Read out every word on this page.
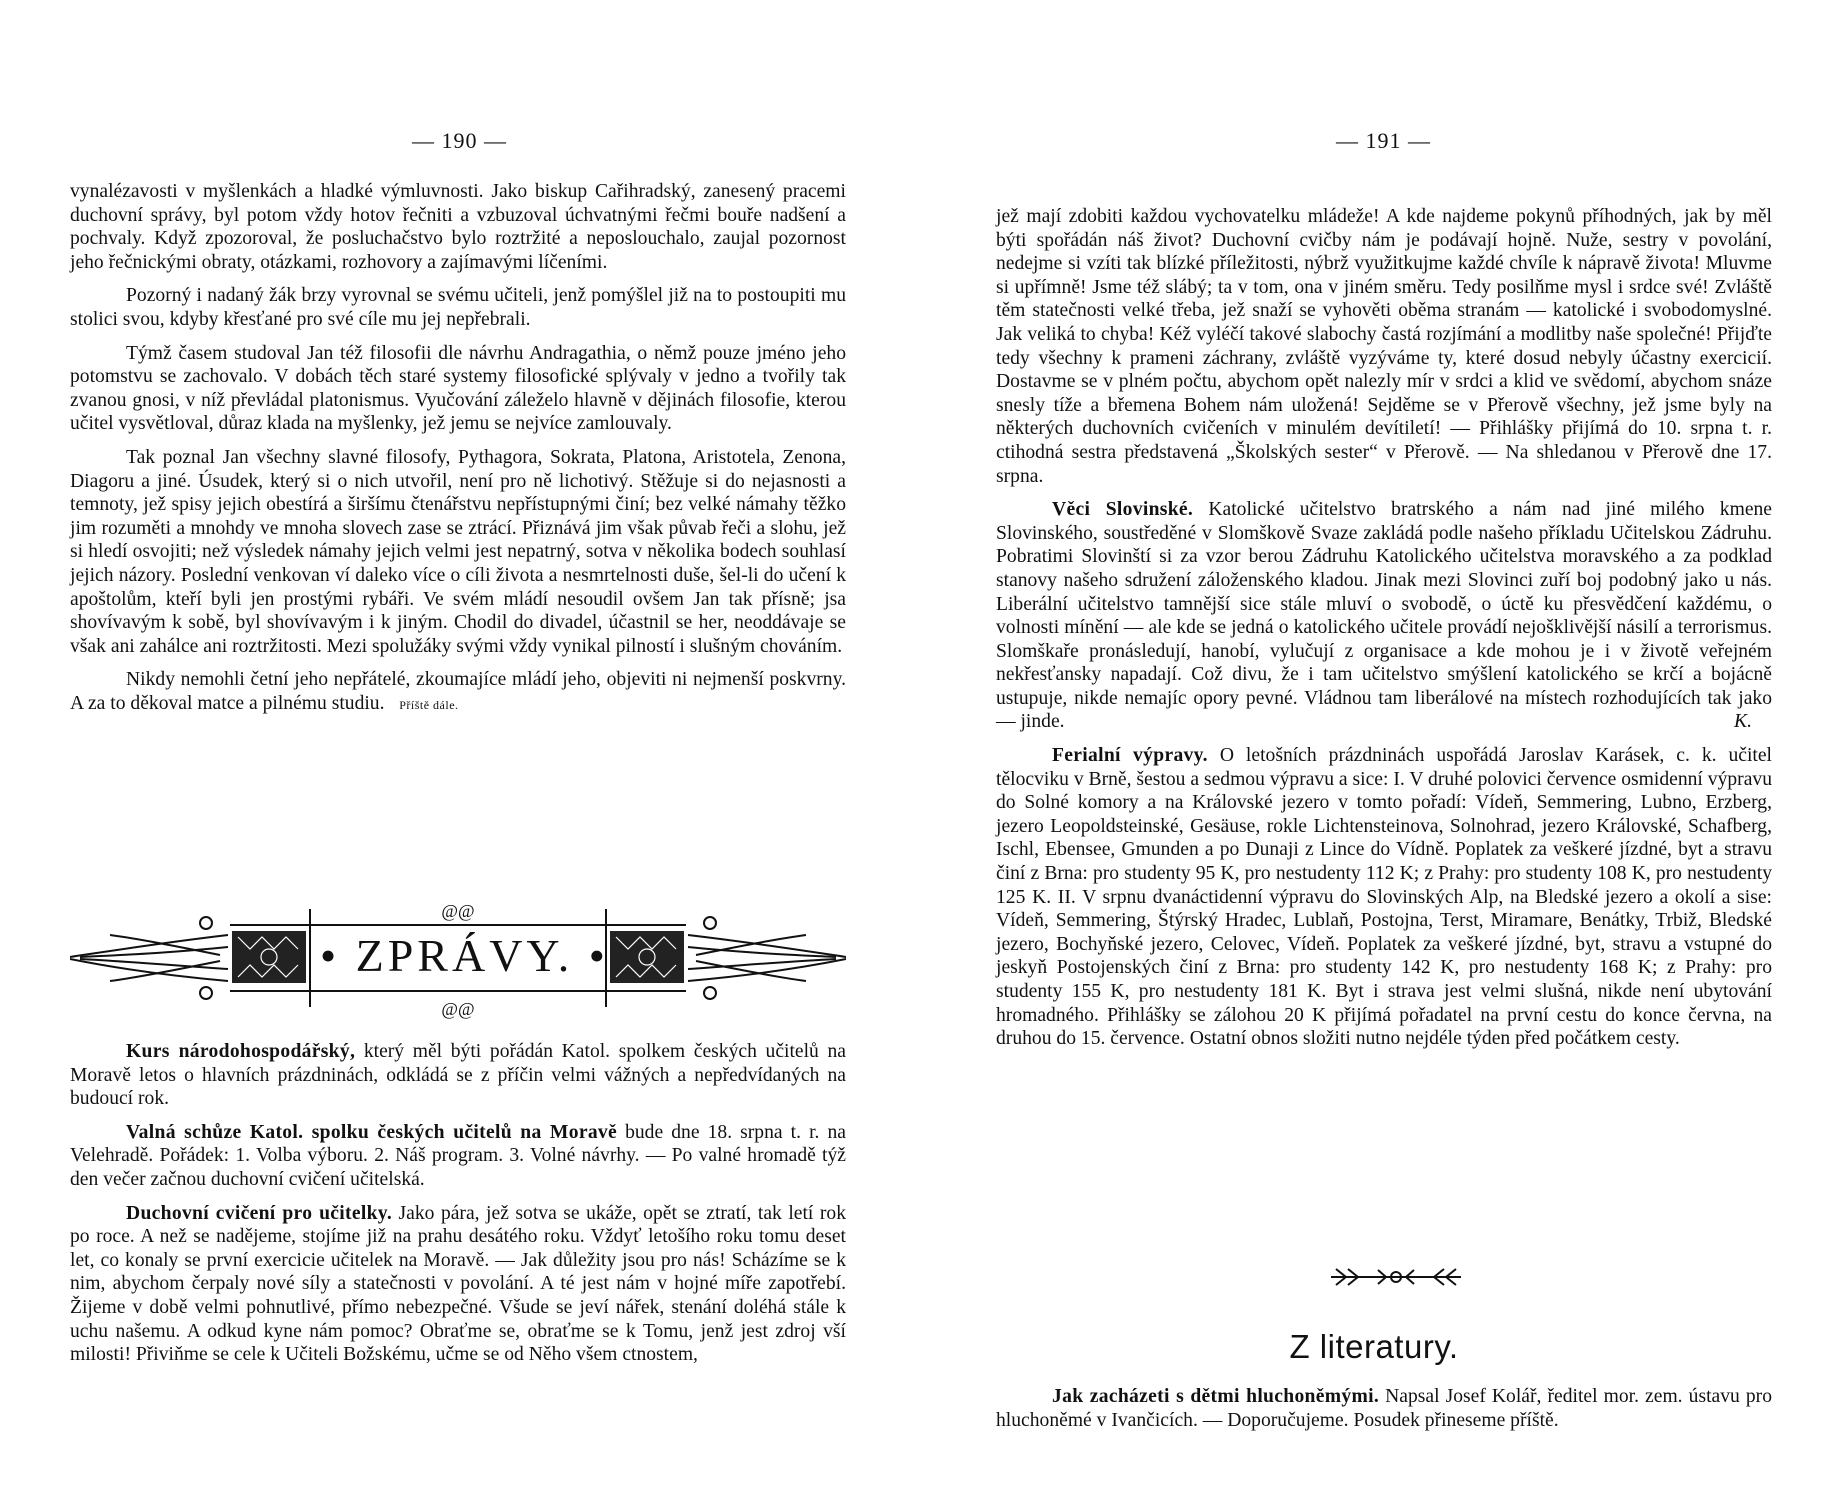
— 190 —

vynalézavosti v myšlenkách a hladké výmluvnosti. Jako biskup Cařihradský, zanesený pracemi duchovní správy, byl potom vždy hotov řečniti a vzbuzoval úchvatnými řečmi bouře nadšení a pochvaly. Když zpozoroval, že posluchačstvo bylo roztržité a neposlouchalo, zaujal pozornost jeho řečnickými obraty, otázkami, rozhovory a zajímavými líčeními.

Pozorný i nadaný žák brzy vyrovnal se svému učiteli, jenž pomýšlel již na to postoupiti mu stolici svou, kdyby křesťané pro své cíle mu jej nepřebrali.

Týmž časem studoval Jan též filosofii dle návrhu Andragathia, o němž pouze jméno jeho potomstvu se zachovalo. V dobách těch staré systemy filosofické splývaly v jedno a tvořily tak zvanou gnosi, v níž převládal platonismus. Vyučování záleželo hlavně v dějinách filosofie, kterou učitel vysvětloval, důraz klada na myšlenky, jež jemu se nejvíce zamlouvaly.

Tak poznal Jan všechny slavné filosofy, Pythagora, Sokrata, Platona, Aristotela, Zenona, Diagoru a jiné. Úsudek, který si o nich utvořil, není pro ně lichotivý. Stěžuje si do nejasnosti a temnoty, jež spisy jejich obestírá a širšímu čtenářstvu nepřístupnými činí; bez velké námahy těžko jim rozuměti a mnohdy ve mnoha slovech zase se ztrácí. Přiznává jim však půvab řeči a slohu, jež si hledí osvojiti; než výsledek námahy jejich velmi jest nepatrný, sotva v několika bodech souhlasí jejich názory. Poslední venkovan ví daleko více o cíli života a nesmrtelnosti duše, šel-li do učení k apoštolům, kteří byli jen prostými rybáři. Ve svém mládí nesoudil ovšem Jan tak přísně; jsa shovívavým k sobě, byl shovívavým i k jiným. Chodil do divadel, účastnil se her, neoddávaje se však ani zahálce ani roztržitosti. Mezi spolužáky svými vždy vynikal pilností i slušným chováním.

Nikdy nemohli četní jeho nepřátelé, zkoumajíce mládí jeho, objeviti ni nejmenší poskvrny. A za to děkoval matce a pilnému studiu. Příště dále.

@@
@@
• ZPRÁVY. •

Kurs národohospodářský, který měl býti pořádán Katol. spolkem českých učitelů na Moravě letos o hlavních prázdninách, odkládá se z příčin velmi vážných a nepředvídaných na budoucí rok.

Valná schůze Katol. spolku českých učitelů na Moravě bude dne 18. srpna t. r. na Velehradě. Pořádek: 1. Volba výboru. 2. Náš program. 3. Volné návrhy. — Po valné hromadě týž den večer začnou duchovní cvičení učitelská.

Duchovní cvičení pro učitelky. Jako pára, jež sotva se ukáže, opět se ztratí, tak letí rok po roce. A než se nadějeme, stojíme již na prahu desátého roku. Vždyť letošího roku tomu deset let, co konaly se první exercicie učitelek na Moravě. — Jak důležity jsou pro nás! Scházíme se k nim, abychom čerpaly nové síly a statečnosti v povolání. A té jest nám v hojné míře zapotřebí. Žijeme v době velmi pohnutlivé, přímo nebezpečné. Všude se jeví nářek, stenání doléhá stále k uchu našemu. A odkud kyne nám pomoc? Obraťme se, obraťme se k Tomu, jenž jest zdroj vší milosti! Přiviňme se cele k Učiteli Božskému, učme se od Něho všem ctnostem,

— 191 —

jež mají zdobiti každou vychovatelku mládeže! A kde najdeme pokynů příhodných, jak by měl býti spořádán náš život? Duchovní cvičby nám je podávají hojně. Nuže, sestry v povolání, nedejme si vzíti tak blízké příležitosti, nýbrž využitkujme každé chvíle k nápravě života! Mluvme si upřímně! Jsme též slábý; ta v tom, ona v jiném směru. Tedy posilňme mysl i srdce své! Zvláště těm statečnosti velké třeba, jež snaží se vyhověti oběma stranám — katolické i svobodomyslné. Jak veliká to chyba! Kéž vyléčí takové slabochy častá rozjímání a modlitby naše společné! Přijďte tedy všechny k prameni záchrany, zvláště vyzýváme ty, které dosud nebyly účastny exercicií. Dostavme se v plném počtu, abychom opět nalezly mír v srdci a klid ve svědomí, abychom snáze snesly tíže a břemena Bohem nám uložená! Sejděme se v Přerově všechny, jež jsme byly na některých duchovních cvičeních v minulém devítiletí! — Přihlášky přijímá do 10. srpna t. r. ctihodná sestra představená „Školských sester“ v Přerově. — Na shledanou v Přerově dne 17. srpna.

Věci Slovinské. Katolické učitelstvo bratrského a nám nad jiné milého kmene Slovinského, soustředěné v Slomškově Svaze zakládá podle našeho příkladu Učitelskou Zádruhu. Pobratimi Slovinští si za vzor berou Zádruhu Katolického učitelstva moravského a za podklad stanovy našeho sdružení záloženského kladou. Jinak mezi Slovinci zuří boj podobný jako u nás. Liberální učitelstvo tamnější sice stále mluví o svobodě, o úctě ku přesvědčení každému, o volnosti mínění — ale kde se jedná o katolického učitele provádí nejošklivější násilí a terrorismus. Slomškaře pronásledují, hanobí, vylučují z organisace a kde mohou je i v životě veřejném nekřesťansky napadají. Což divu, že i tam učitelstvo smýšlení katolického se krčí a bojácně ustupuje, nikde nemajíc opory pevné. Vládnou tam liberálové na místech rozhodujících tak jako — jinde.	K.

Ferialní výpravy. O letošních prázdninách uspořádá Jaroslav Karásek, c. k. učitel tělocviku v Brně, šestou a sedmou výpravu a sice: I. V druhé polovici července osmidenní výpravu do Solné komory a na Královské jezero v tomto pořadí: Vídeň, Semmering, Lubno, Erzberg, jezero Leopoldsteinské, Gesäuse, rokle Lichtensteinova, Solnohrad, jezero Královské, Schafberg, Ischl, Ebensee, Gmunden a po Dunaji z Lince do Vídně. Poplatek za veškeré jízdné, byt a stravu činí z Brna: pro studenty 95 K, pro nestudenty 112 K; z Prahy: pro studenty 108 K, pro nestudenty 125 K. II. V srpnu dvanáctidenní výpravu do Slovinských Alp, na Bledské jezero a okolí a sise: Vídeň, Semmering, Štýrský Hradec, Lublaň, Postojna, Terst, Miramare, Benátky, Trbiž, Bledské jezero, Bochyňské jezero, Celovec, Vídeň. Poplatek za veškeré jízdné, byt, stravu a vstupné do jeskyň Postojenských činí z Brna: pro studenty 142 K, pro nestudenty 168 K; z Prahy: pro studenty 155 K, pro nestudenty 181 K. Byt i strava jest velmi slušná, nikde není ubytování hromadného. Přihlášky se zálohou 20 K přijímá pořadatel na první cestu do konce června, na druhou do 15. července. Ostatní obnos složiti nutno nejdéle týden před počátkem cesty.

Z literatury.

Jak zacházeti s dětmi hluchoněmými. Napsal Josef Kolář, ředitel mor. zem. ústavu pro hluchoněmé v Ivančicích. — Doporučujeme. Posudek přineseme příště.
